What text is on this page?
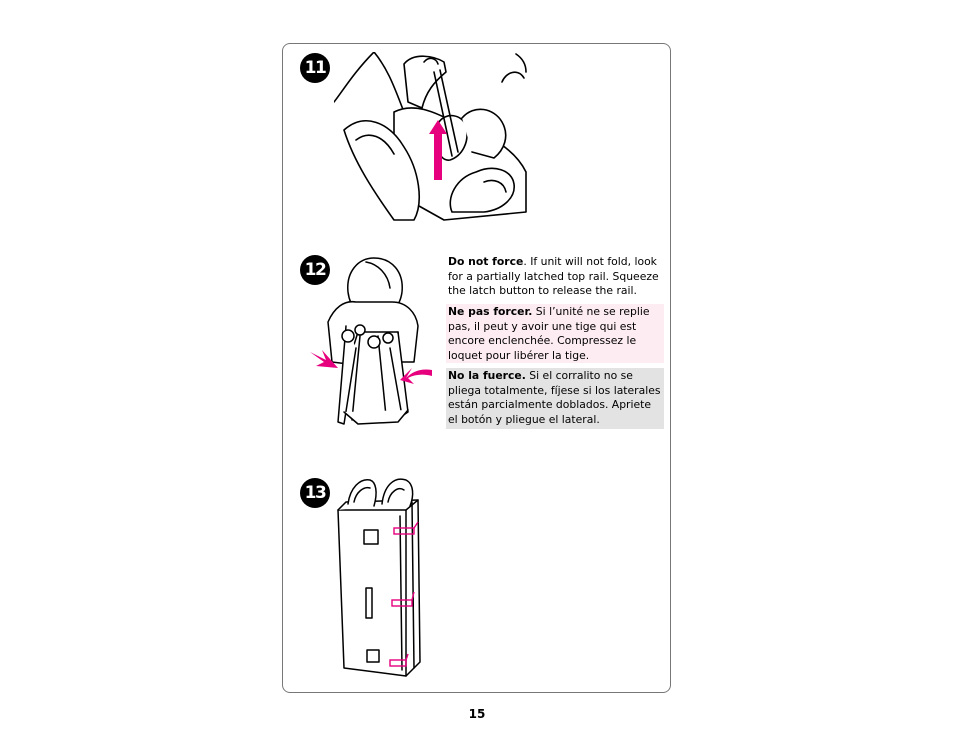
11
12	Do not force. If unit will not fold, look for a partially latched top rail. Squeeze the latch button to release the rail.
Ne pas forcer. Si l’unité ne se replie pas, il peut y avoir une tige qui est encore enclenchée. Compressez le loquet pour libérer la tige.
No la fuerce. Si el corralito no se pliega totalmente, fíjese si los laterales están parcialmente doblados. Apriete el botón y pliegue el lateral.
13
15
